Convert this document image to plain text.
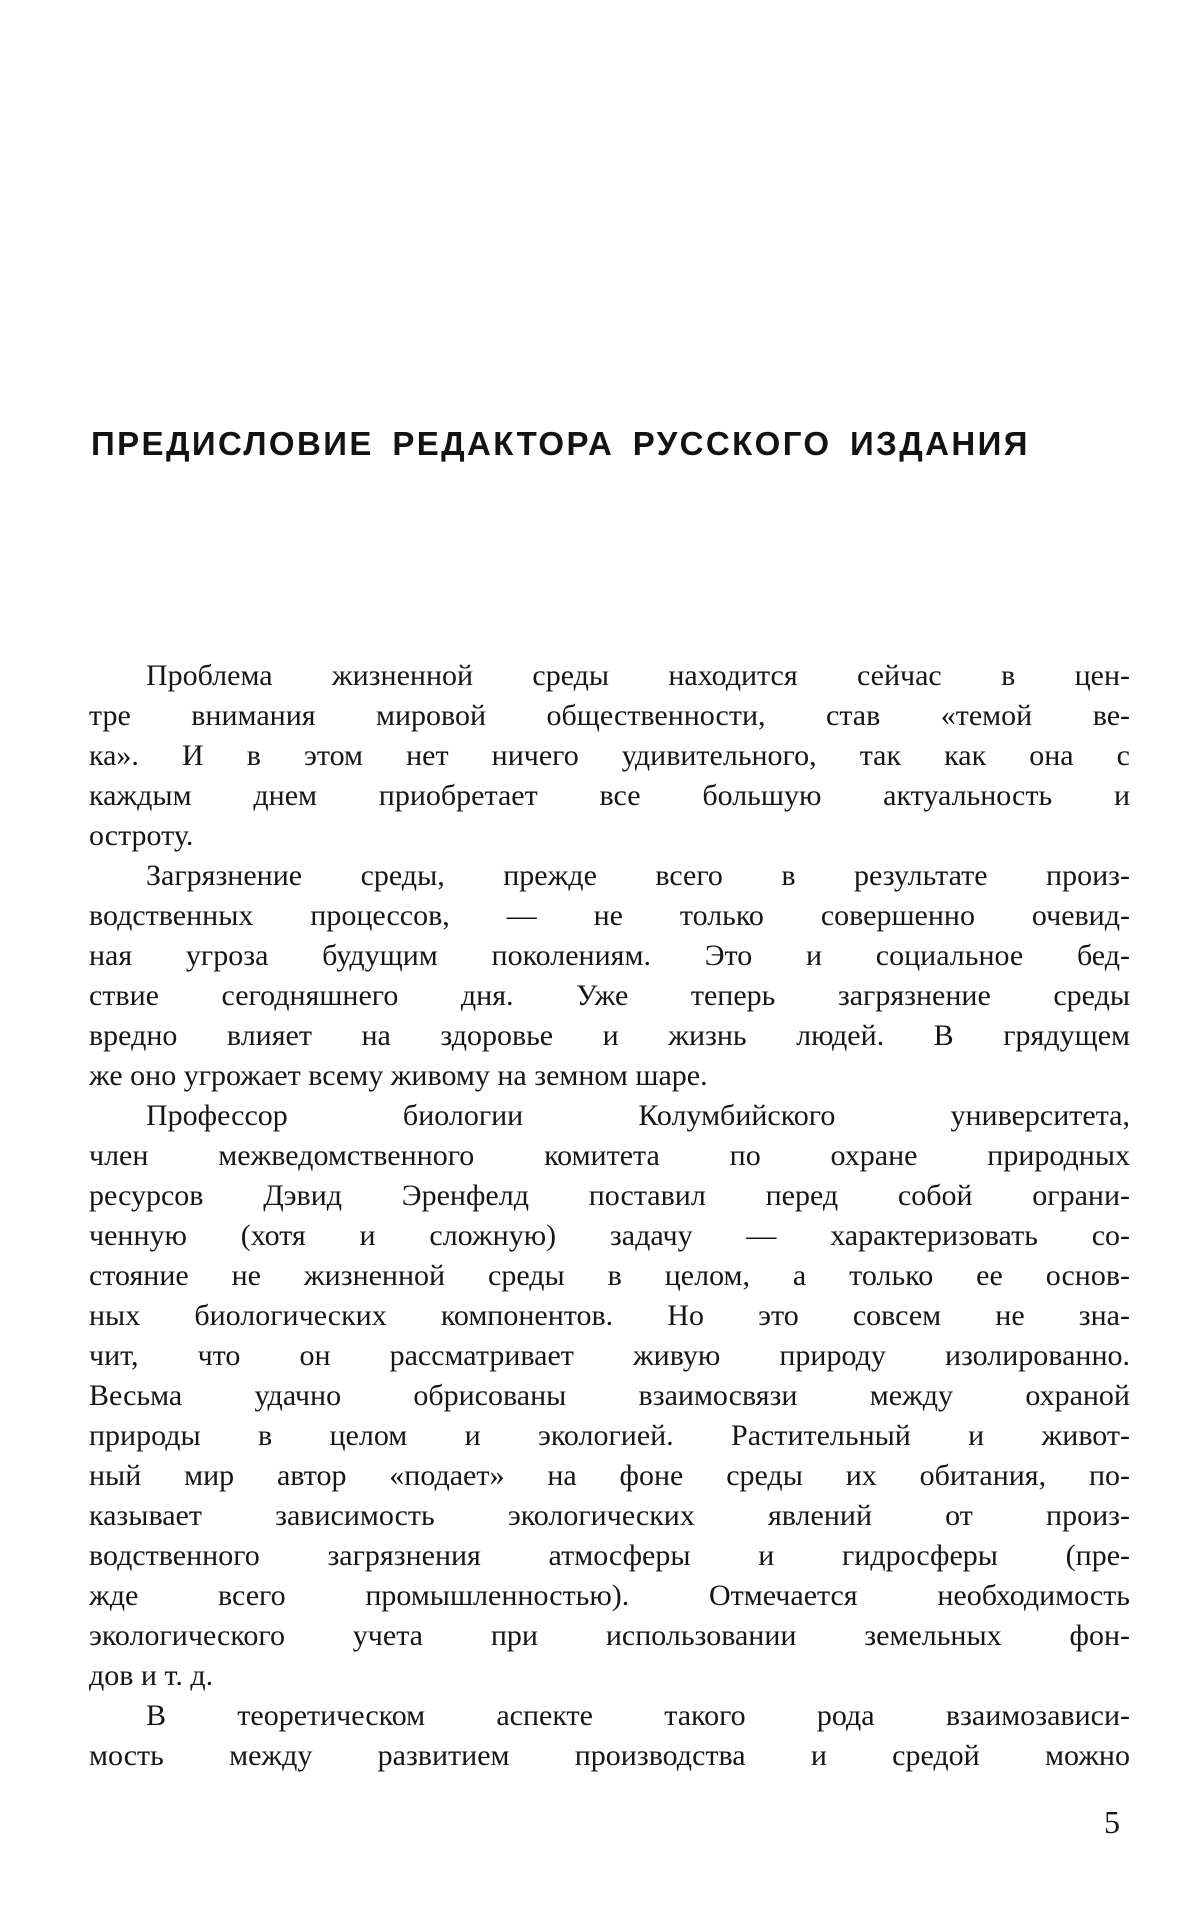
ПРЕДИСЛОВИЕ РЕДАКТОРА РУССКОГО ИЗДАНИЯ
Проблема жизненной среды находится сейчас в цен-
тре внимания мировой общественности, став «темой ве-
ка». И в этом нет ничего удивительного, так как она с
каждым днем приобретает все большую актуальность и
остроту.
Загрязнение среды, прежде всего в результате произ-
водственных процессов, — не только совершенно очевид-
ная угроза будущим поколениям. Это и социальное бед-
ствие сегодняшнего дня. Уже теперь загрязнение среды
вредно влияет на здоровье и жизнь людей. В грядущем
же оно угрожает всему живому на земном шаре.
Профессор биологии Колумбийского университета,
член межведомственного комитета по охране природных
ресурсов Дэвид Эренфелд поставил перед собой ограни-
ченную (хотя и сложную) задачу — характеризовать со-
стояние не жизненной среды в целом, а только ее основ-
ных биологических компонентов. Но это совсем не зна-
чит, что он рассматривает живую природу изолированно.
Весьма удачно обрисованы взаимосвязи между охраной
природы в целом и экологией. Растительный и живот-
ный мир автор «подает» на фоне среды их обитания, по-
казывает зависимость экологических явлений от произ-
водственного загрязнения атмосферы и гидросферы (пре-
жде всего промышленностью). Отмечается необходимость
экологического учета при использовании земельных фон-
дов и т. д.
В теоретическом аспекте такого рода взаимозависи-
мость между развитием производства и средой можно
5
